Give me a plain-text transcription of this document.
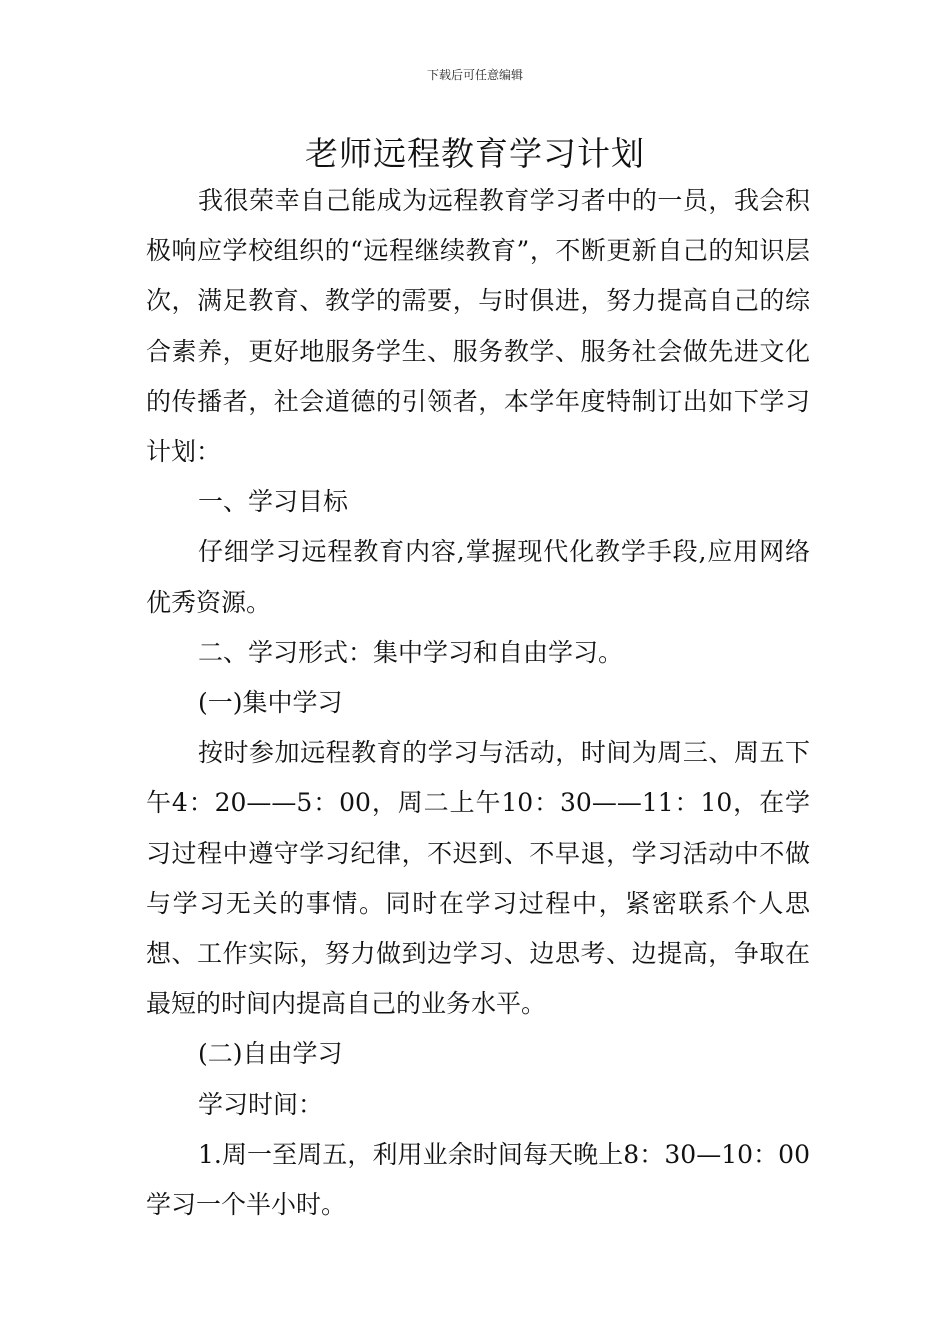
下载后可任意编辑
老师远程教育学习计划

我很荣幸自己能成为远程教育学习者中的一员，我会积极响应学校组织的“远程继续教育”，不断更新自己的知识层次，满足教育、教学的需要，与时俱进，努力提高自己的综合素养，更好地服务学生、服务教学、服务社会做先进文化的传播者，社会道德的引领者，本学年度特制订出如下学习计划：

一、学习目标

仔细学习远程教育内容,掌握现代化教学手段,应用网络优秀资源。

二、学习形式：集中学习和自由学习。

(一)集中学习

按时参加远程教育的学习与活动，时间为周三、周五下午4：20——5：00，周二上午10：30——11：10，在学习过程中遵守学习纪律，不迟到、不早退，学习活动中不做与学习无关的事情。同时在学习过程中，紧密联系个人思想、工作实际，努力做到边学习、边思考、边提高，争取在最短的时间内提高自己的业务水平。

(二)自由学习

学习时间：

1.周一至周五，利用业余时间每天晚上8：30—10：00学习一个半小时。
